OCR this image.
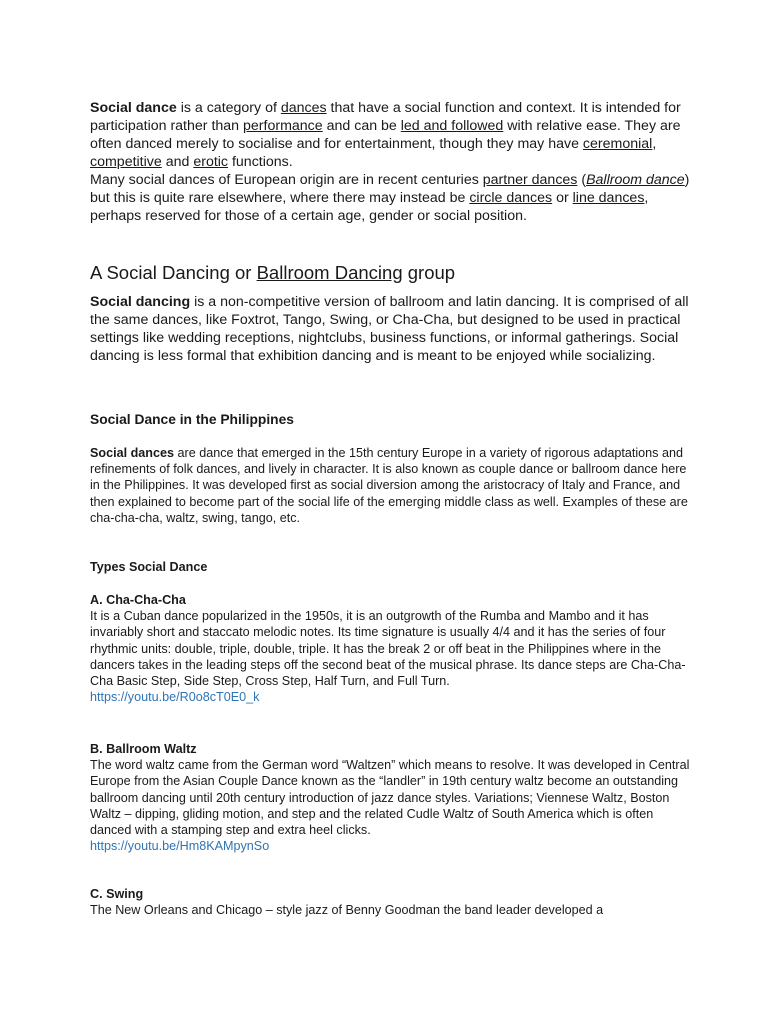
Social dance is a category of dances that have a social function and context. It is intended for participation rather than performance and can be led and followed with relative ease. They are often danced merely to socialise and for entertainment, though they may have ceremonial, competitive and erotic functions.
Many social dances of European origin are in recent centuries partner dances (Ballroom dance) but this is quite rare elsewhere, where there may instead be circle dances or line dances, perhaps reserved for those of a certain age, gender or social position.

A Social Dancing or Ballroom Dancing group

Social dancing is a non-competitive version of ballroom and latin dancing. It is comprised of all the same dances, like Foxtrot, Tango, Swing, or Cha-Cha, but designed to be used in practical settings like wedding receptions, nightclubs, business functions, or informal gatherings. Social dancing is less formal that exhibition dancing and is meant to be enjoyed while socializing.

Social Dance in the Philippines

Social dances are dance that emerged in the 15th century Europe in a variety of rigorous adaptations and refinements of folk dances, and lively in character. It is also known as couple dance or ballroom dance here in the Philippines. It was developed first as social diversion among the aristocracy of Italy and France, and then explained to become part of the social life of the emerging middle class as well. Examples of these are cha-cha-cha, waltz, swing, tango, etc.

Types Social Dance

A. Cha-Cha-Cha
It is a Cuban dance popularized in the 1950s, it is an outgrowth of the Rumba and Mambo and it has invariably short and staccato melodic notes. Its time signature is usually 4/4 and it has the series of four rhythmic units: double, triple, double, triple. It has the break 2 or off beat in the Philippines where in the dancers takes in the leading steps off the second beat of the musical phrase. Its dance steps are Cha-Cha-Cha Basic Step, Side Step, Cross Step, Half Turn, and Full Turn.
https://youtu.be/R0o8cT0E0_k
B. Ballroom Waltz
The word waltz came from the German word “Waltzen” which means to resolve. It was developed in Central Europe from the Asian Couple Dance known as the “landler” in 19th century waltz become an outstanding ballroom dancing until 20th century introduction of jazz dance styles. Variations; Viennese Waltz, Boston Waltz – dipping, gliding motion, and step and the related Cudle Waltz of South America which is often danced with a stamping step and extra heel clicks.
https://youtu.be/Hm8KAMpynSo
C. Swing
The New Orleans and Chicago – style jazz of Benny Goodman the band leader developed a
